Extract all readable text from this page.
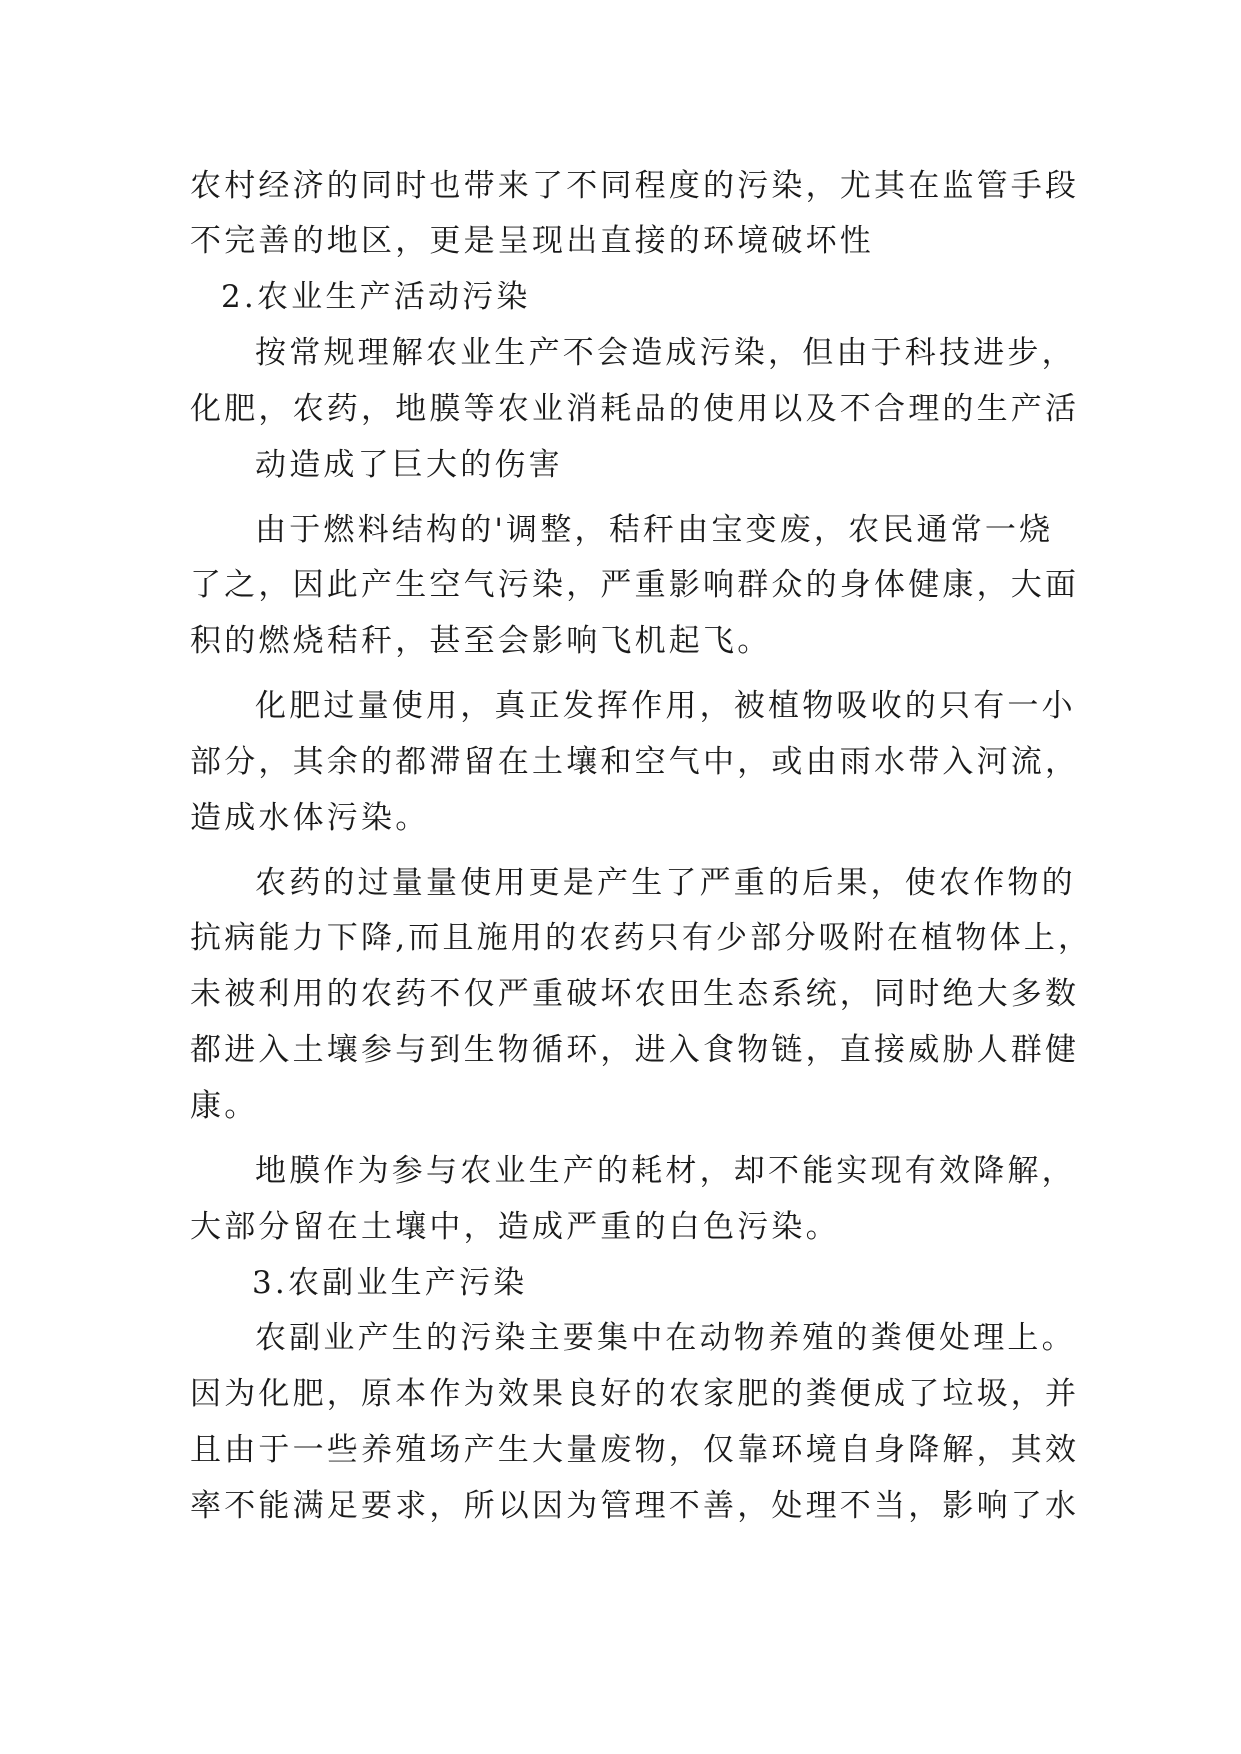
农村经济的同时也带来了不同程度的污染，尤其在监管手段
不完善的地区，更是呈现出直接的环境破坏性
2.农业生产活动污染
按常规理解农业生产不会造成污染，但由于科技进步，
化肥，农药，地膜等农业消耗品的使用以及不合理的生产活
动造成了巨大的伤害
由于燃料结构的'调整，秸秆由宝变废，农民通常一烧
了之，因此产生空气污染，严重影响群众的身体健康，大面
积的燃烧秸秆，甚至会影响飞机起飞。
化肥过量使用，真正发挥作用，被植物吸收的只有一小
部分，其余的都滞留在土壤和空气中，或由雨水带入河流，
造成水体污染。
农药的过量量使用更是产生了严重的后果，使农作物的
抗病能力下降,而且施用的农药只有少部分吸附在植物体上，
未被利用的农药不仅严重破坏农田生态系统，同时绝大多数
都进入土壤参与到生物循环，进入食物链，直接威胁人群健
康。
地膜作为参与农业生产的耗材，却不能实现有效降解，
大部分留在土壤中，造成严重的白色污染。
3.农副业生产污染
农副业产生的污染主要集中在动物养殖的粪便处理上。
因为化肥，原本作为效果良好的农家肥的粪便成了垃圾，并
且由于一些养殖场产生大量废物，仅靠环境自身降解，其效
率不能满足要求，所以因为管理不善，处理不当，影响了水
